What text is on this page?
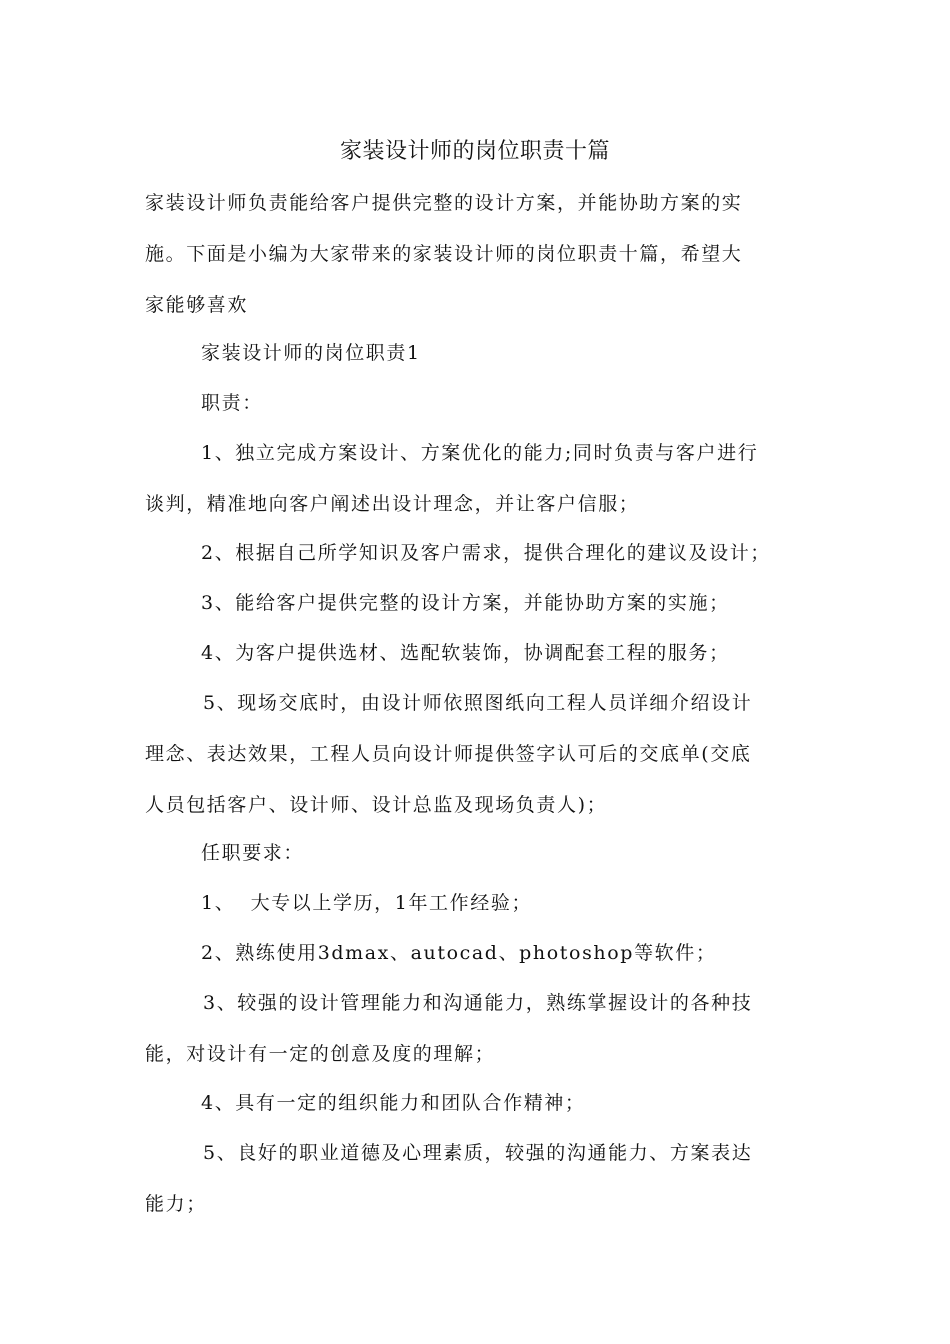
家装设计师的岗位职责十篇
家装设计师负责能给客户提供完整的设计方案，并能协助方案的实
施。下面是小编为大家带来的家装设计师的岗位职责十篇，希望大
家能够喜欢
家装设计师的岗位职责1
职责：
1、独立完成方案设计、方案优化的能力;同时负责与客户进行
谈判，精准地向客户阐述出设计理念，并让客户信服；
2、根据自己所学知识及客户需求，提供合理化的建议及设计；
3、能给客户提供完整的设计方案，并能协助方案的实施；
4、为客户提供选材、选配软装饰，协调配套工程的服务；
5、现场交底时，由设计师依照图纸向工程人员详细介绍设计
理念、表达效果，工程人员向设计师提供签字认可后的交底单(交底
人员包括客户、设计师、设计总监及现场负责人)；
任职要求：
1、  大专以上学历，1年工作经验；
2、熟练使用3dmax、autocad、photoshop等软件；
3、较强的设计管理能力和沟通能力，熟练掌握设计的各种技
能，对设计有一定的创意及度的理解；
4、具有一定的组织能力和团队合作精神；
5、良好的职业道德及心理素质，较强的沟通能力、方案表达
能力；
